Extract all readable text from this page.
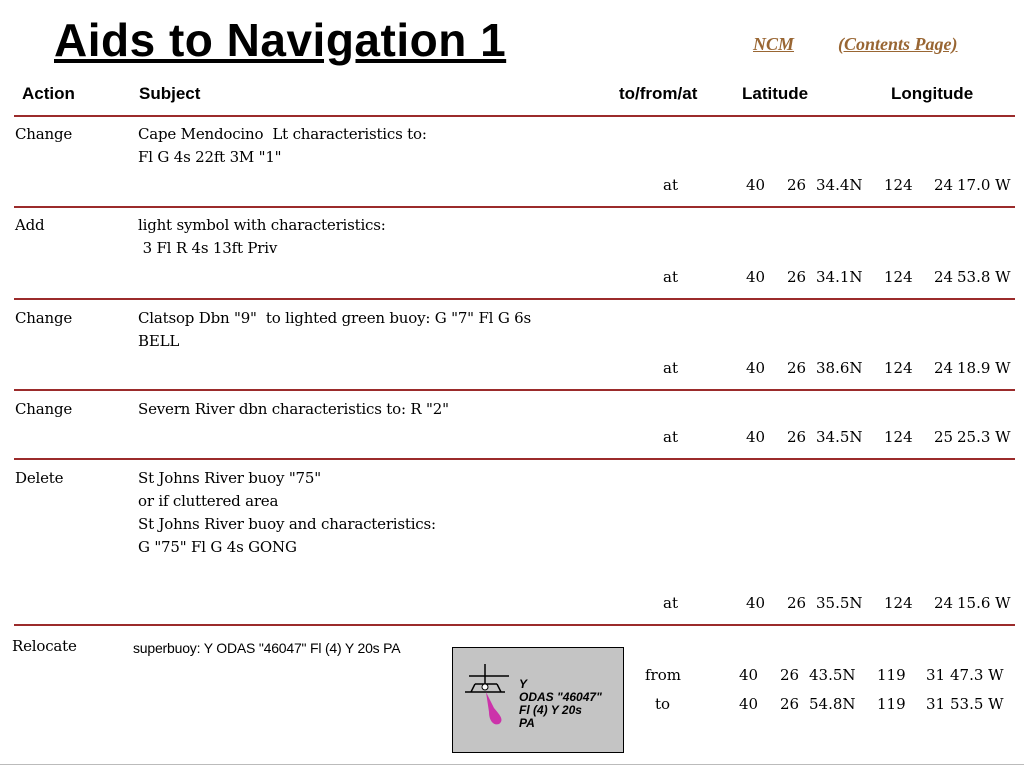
Aids to Navigation 1	NCM (Contents Page)
Action	Subject	to/from/at	Latitude	Longitude
Change	Cape Mendocino  Lt characteristics to:
Fl G 4s 22ft 3M "1"
at	40 26 34.4N 124 24 17.0 W
Add	light symbol with characteristics:
3 Fl R 4s 13ft Priv
at	40 26 34.1N 124 24 53.8 W
Change	Clatsop Dbn "9"  to lighted green buoy: G "7" Fl G 6s
BELL
at	40 26 38.6N 124 24 18.9 W
Change	Severn River dbn characteristics to: R "2"
at	40 26 34.5N 124 25 25.3 W
Delete	St Johns River buoy "75"
or if cluttered area
St Johns River buoy and characteristics:
G "75" Fl G 4s GONG
at	40 26 35.5N 124 24 15.6 W
Relocate	superbuoy: Y ODAS "46047" Fl (4) Y 20s PA
Y
ODAS "46047"
Fl (4) Y 20s
PA
from	40 26 43.5N 119 31 47.3 W
to	40 26 54.8N 119 31 53.5 W
